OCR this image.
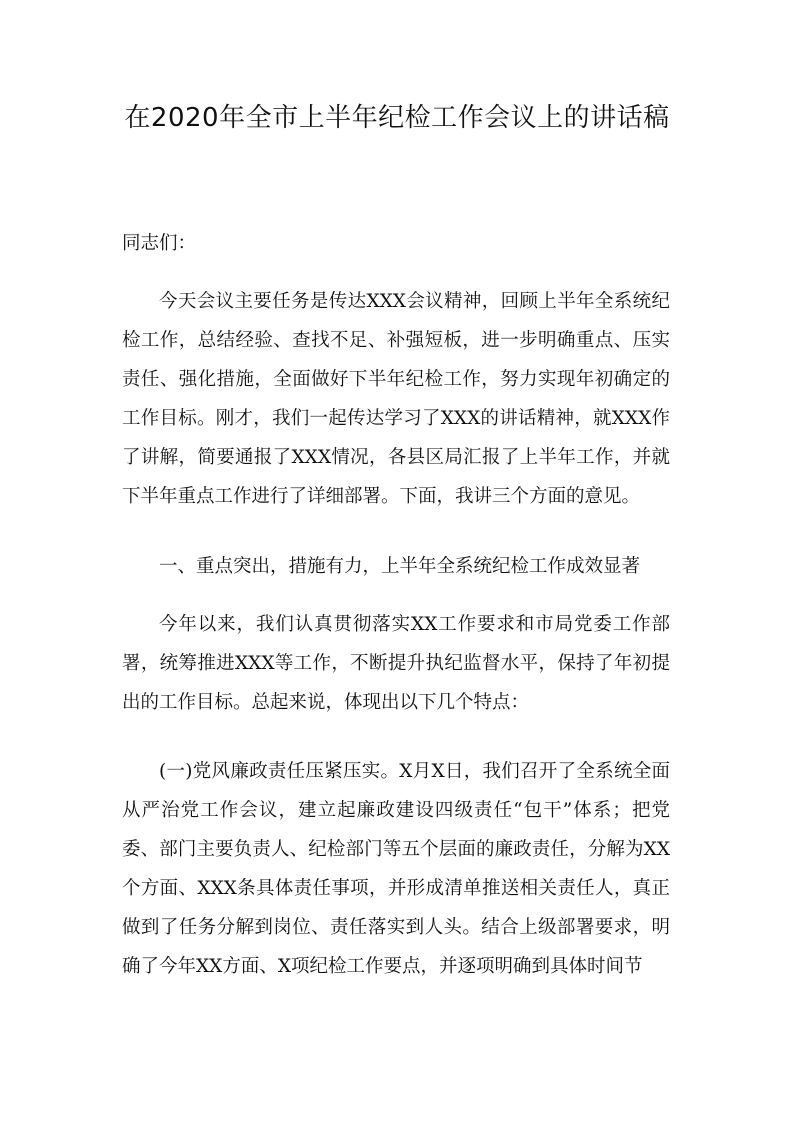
在2020年全市上半年纪检工作会议上的讲话稿

同志们：

今天会议主要任务是传达XXX会议精神，回顾上半年全系统纪检工作，总结经验、查找不足、补强短板，进一步明确重点、压实责任、强化措施，全面做好下半年纪检工作，努力实现年初确定的工作目标。刚才，我们一起传达学习了XXX的讲话精神，就XXX作了讲解，简要通报了XXX情况，各县区局汇报了上半年工作，并就下半年重点工作进行了详细部署。下面，我讲三个方面的意见。

一、重点突出，措施有力，上半年全系统纪检工作成效显著

今年以来，我们认真贯彻落实XX工作要求和市局党委工作部署，统筹推进XXX等工作，不断提升执纪监督水平，保持了年初提出的工作目标。总起来说，体现出以下几个特点：

(一)党风廉政责任压紧压实。X月X日，我们召开了全系统全面从严治党工作会议，建立起廉政建设四级责任“包干”体系；把党委、部门主要负责人、纪检部门等五个层面的廉政责任，分解为XX个方面、XXX条具体责任事项，并形成清单推送相关责任人，真正做到了任务分解到岗位、责任落实到人头。结合上级部署要求，明确了今年XX方面、X项纪检工作要点，并逐项明确到具体时间节
